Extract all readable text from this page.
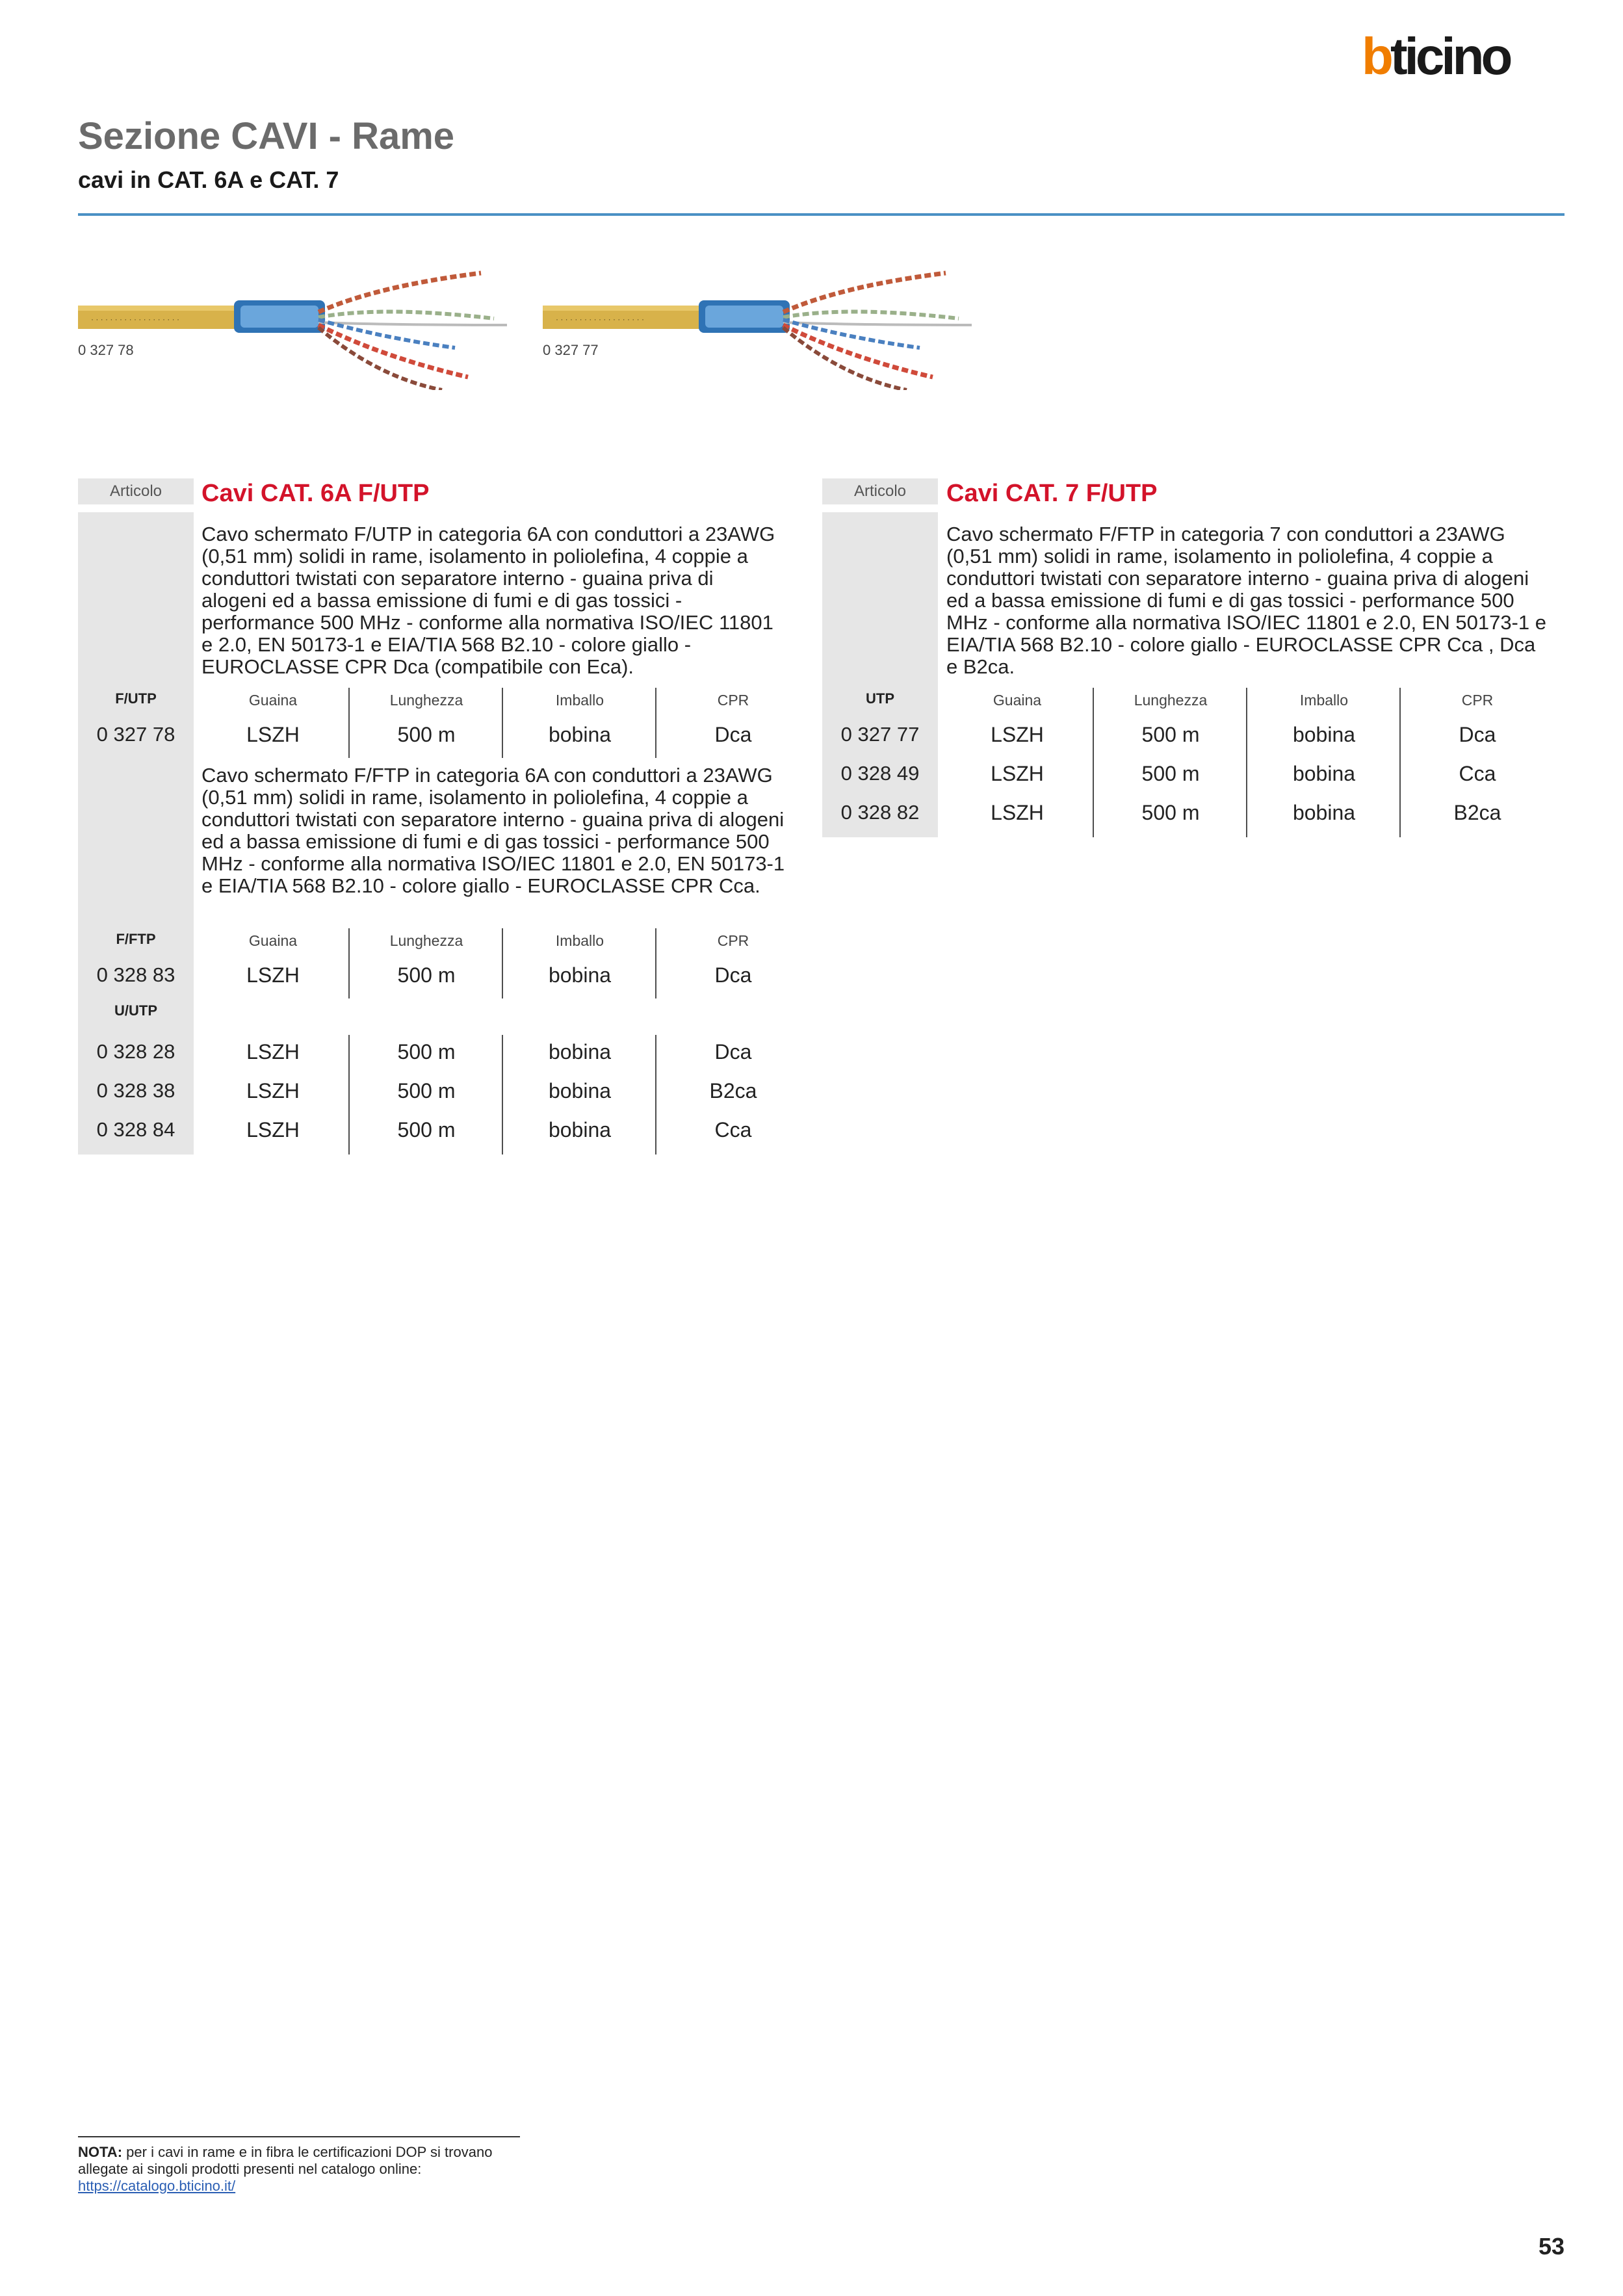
b ticino
Sezione CAVI - Rame
cavi in CAT. 6A e CAT. 7
· · · · · · · · · · · · · · · · · · ·
0 327 78
· · · · · · · · · · · · · · · · · · ·
0 327 77
Articolo	Cavi CAT. 6A F/UTP
Cavo schermato F/UTP in categoria 6A con conduttori a 23AWG (0,51 mm) solidi in rame, isolamento in poliolefina, 4 coppie a conduttori twistati con separatore interno - guaina priva di alogeni ed a bassa emissione di fumi e di gas tossici - performance 500 MHz - conforme alla normativa ISO/IEC 11801 e 2.0, EN 50173-1 e EIA/TIA 568 B2.10 - colore giallo - EUROCLASSE CPR Dca (compatibile con Eca).
F/UTP	Guaina	Lunghezza	Imballo	CPR
0 327 78	LSZH	500 m	bobina	Dca
Cavo schermato F/FTP in categoria 6A con conduttori a 23AWG (0,51 mm) solidi in rame, isolamento in poliolefina, 4 coppie a conduttori twistati con separatore interno - guaina priva di alogeni ed a bassa emissione di fumi e di gas tossici - performance 500 MHz - conforme alla normativa ISO/IEC 11801 e 2.0, EN 50173-1 e EIA/TIA 568 B2.10 - colore giallo - EUROCLASSE CPR Cca.
F/FTP	Guaina	Lunghezza	Imballo	CPR
0 328 83	LSZH	500 m	bobina	Dca
U/UTP
0 328 28	LSZH	500 m	bobina	Dca
0 328 38	LSZH	500 m	bobina	B2ca
0 328 84	LSZH	500 m	bobina	Cca
Articolo	Cavi CAT. 7 F/UTP
Cavo schermato F/FTP in categoria 7 con conduttori a 23AWG (0,51 mm) solidi in rame, isolamento in poliolefina, 4 coppie a conduttori twistati con separatore interno - guaina priva di alogeni ed a bassa emissione di fumi e di gas tossici - performance 500 MHz - conforme alla normativa ISO/IEC 11801 e 2.0, EN 50173-1 e EIA/TIA 568 B2.10 - colore giallo - EUROCLASSE CPR Cca , Dca e B2ca.
UTP	Guaina	Lunghezza	Imballo	CPR
0 327 77	LSZH	500 m	bobina	Dca
0 328 49	LSZH	500 m	bobina	Cca
0 328 82	LSZH	500 m	bobina	B2ca
NOTA: per i cavi in rame e in fibra le certificazioni DOP si trovano allegate ai singoli prodotti presenti nel catalogo online: https://catalogo.bticino.it/
53
